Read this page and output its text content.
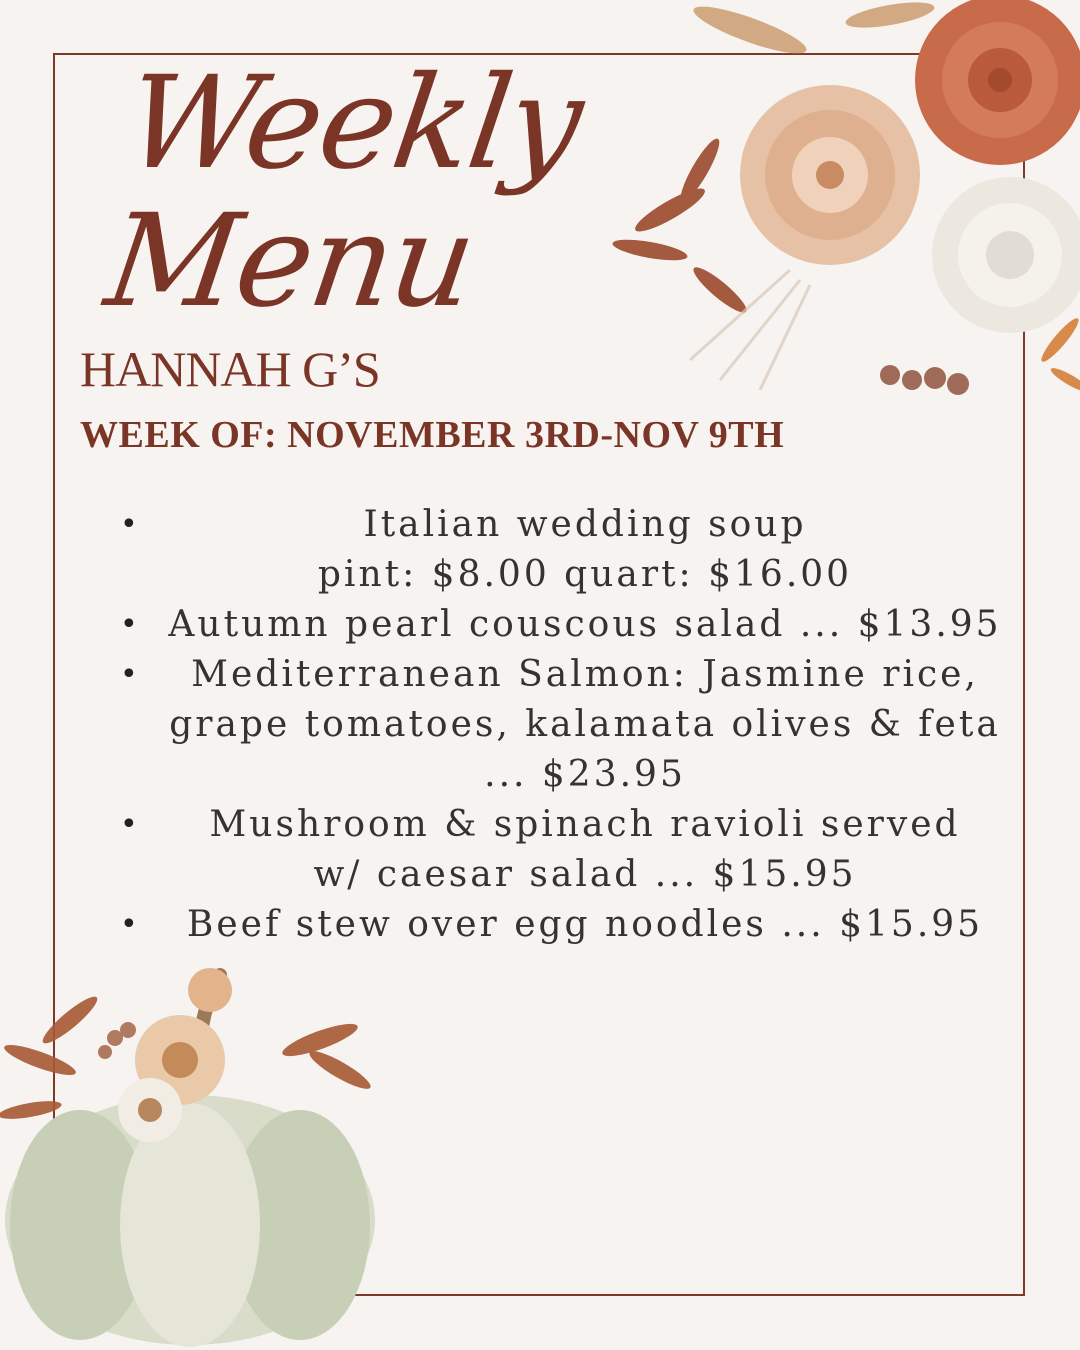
Weekly
Menu
HANNAH G’S
WEEK OF: NOVEMBER 3RD-NOV 9TH
• Italian wedding soup
pint: $8.00 quart: $16.00
• Autumn pearl couscous salad ... $13.95
• Mediterranean Salmon: Jasmine rice,
grape tomatoes, kalamata olives & feta
... $23.95
• Mushroom & spinach ravioli served
w/ caesar salad ... $15.95
• Beef stew over egg noodles ... $15.95
